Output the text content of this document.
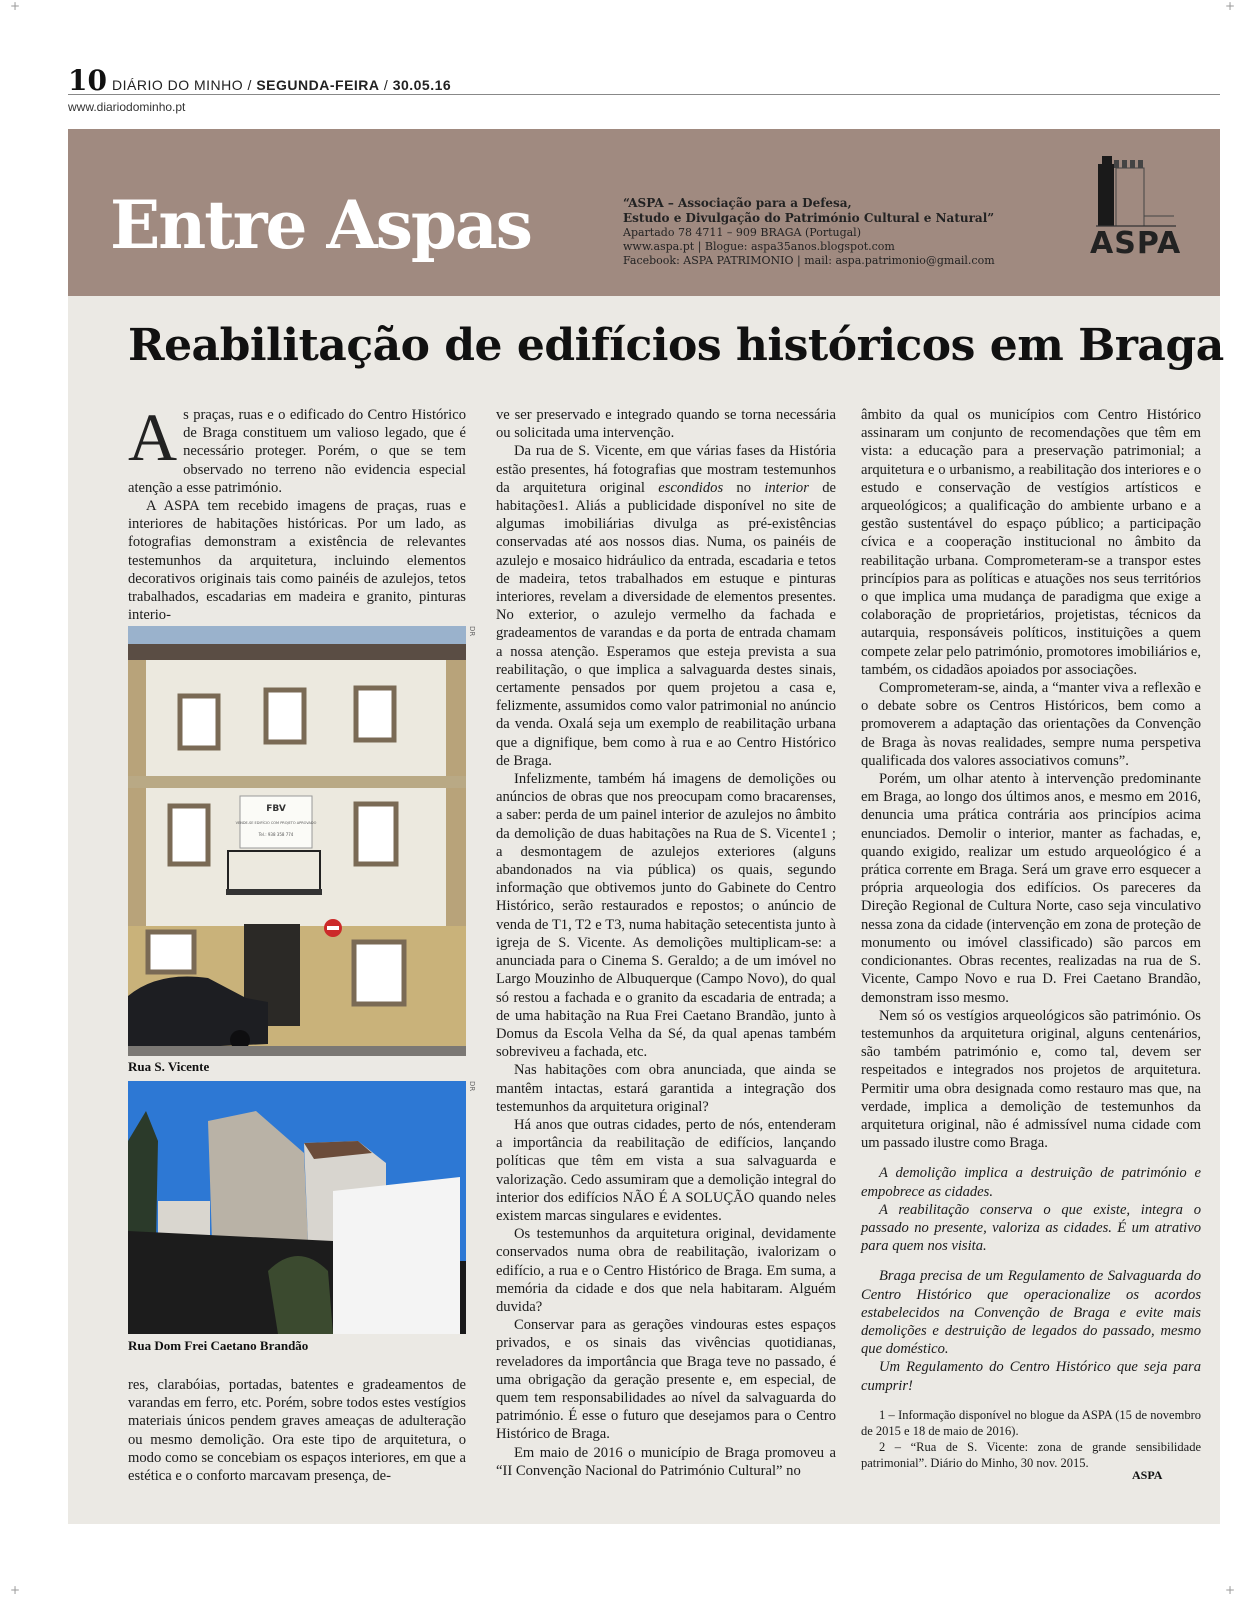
+	+
+	+
10 DIÁRIO DO MINHO / SEGUNDA-FEIRA / 30.05.16
www.diariodominho.pt
Entre Aspas	“ASPA – Associação para a Defesa,
Estudo e Divulgação do Património Cultural e Natural”
Apartado 78 4711 – 909 BRAGA (Portugal)
www.aspa.pt | Blogue: aspa35anos.blogspot.com
Facebook: ASPA PATRIMONIO | mail: aspa.patrimonio@gmail.com	ASPA
Reabilitação de edifícios históricos em Braga

As praças, ruas e o edificado do Centro Histórico de Braga constituem um valioso legado, que é necessário proteger. Porém, o que se tem observado no terreno não evidencia especial atenção a esse património.

A ASPA tem recebido imagens de praças, ruas e interiores de habitações históricas. Por um lado, as fotografias demonstram a existência de relevantes testemunhos da arquitetura, incluindo elementos decorativos originais tais como painéis de azulejos, tetos trabalhados, escadarias em madeira e granito, pinturas interio-

FBV
VENDE-SE EDIFÍCIO COM PROJETO APROVADO
Tel.: 938 358 774
DR
Rua S. Vicente
DR
Rua Dom Frei Caetano Brandão

res, clarabóias, portadas, batentes e gradeamentos de varandas em ferro, etc. Porém, sobre todos estes vestígios materiais únicos pendem graves ameaças de adulteração ou mesmo demolição. Ora este tipo de arquitetura, o modo como se concebiam os espaços interiores, em que a estética e o conforto marcavam presença, de-

ve ser preservado e integrado quando se torna necessária ou solicitada uma intervenção.

Da rua de S. Vicente, em que várias fases da História estão presentes, há fotografias que mostram testemunhos da arquitetura original escondidos no interior de habitações1. Aliás a publicidade disponível no site de algumas imobiliárias divulga as pré-existências conservadas até aos nossos dias. Numa, os painéis de azulejo e mosaico hidráulico da entrada, escadaria e tetos de madeira, tetos trabalhados em estuque e pinturas interiores, revelam a diversidade de elementos presentes. No exterior, o azulejo vermelho da fachada e gradeamentos de varandas e da porta de entrada chamam a nossa atenção. Esperamos que esteja prevista a sua reabilitação, o que implica a salvaguarda destes sinais, certamente pensados por quem projetou a casa e, felizmente, assumidos como valor patrimonial no anúncio da venda. Oxalá seja um exemplo de reabilitação urbana que a dignifique, bem como à rua e ao Centro Histórico de Braga.

Infelizmente, também há imagens de demolições ou anúncios de obras que nos preocupam como bracarenses, a saber: perda de um painel interior de azulejos no âmbito da demolição de duas habitações na Rua de S. Vicente1 ; a desmontagem de azulejos exteriores (alguns abandonados na via pública) os quais, segundo informação que obtivemos junto do Gabinete do Centro Histórico, serão restaurados e repostos; o anúncio de venda de T1, T2 e T3, numa habitação setecentista junto à igreja de S. Vicente. As demolições multiplicam-se: a anunciada para o Cinema S. Geraldo; a de um imóvel no Largo Mouzinho de Albuquerque (Campo Novo), do qual só restou a fachada e o granito da escadaria de entrada; a de uma habitação na Rua Frei Caetano Brandão, junto à Domus da Escola Velha da Sé, da qual apenas também sobreviveu a fachada, etc.

Nas habitações com obra anunciada, que ainda se mantêm intactas, estará garantida a integração dos testemunhos da arquitetura original?

Há anos que outras cidades, perto de nós, entenderam a importância da reabilitação de edifícios, lançando políticas que têm em vista a sua salvaguarda e valorização. Cedo assumiram que a demolição integral do interior dos edifícios NÃO É A SOLUÇÃO quando neles existem marcas singulares e evidentes.

Os testemunhos da arquitetura original, devidamente conservados numa obra de reabilitação, ivalorizam o edifício, a rua e o Centro Histórico de Braga. Em suma, a memória da cidade e dos que nela habitaram. Alguém duvida?

Conservar para as gerações vindouras estes espaços privados, e os sinais das vivências quotidianas, reveladores da importância que Braga teve no passado, é uma obrigação da geração presente e, em especial, de quem tem responsabilidades ao nível da salvaguarda do património. É esse o futuro que desejamos para o Centro Histórico de Braga.

Em maio de 2016 o município de Braga promoveu a “II Convenção Nacional do Património Cultural” no

âmbito da qual os municípios com Centro Histórico assinaram um conjunto de recomendações que têm em vista: a educação para a preservação patrimonial; a arquitetura e o urbanismo, a reabilitação dos interiores e o estudo e conservação de vestígios artísticos e arqueológicos; a qualificação do ambiente urbano e a gestão sustentável do espaço público; a participação cívica e a cooperação institucional no âmbito da reabilitação urbana. Comprometeram-se a transpor estes princípios para as políticas e atuações nos seus territórios o que implica uma mudança de paradigma que exige a colaboração de proprietários, projetistas, técnicos da autarquia, responsáveis políticos, instituições a quem compete zelar pelo património, promotores imobiliários e, também, os cidadãos apoiados por associações.

Comprometeram-se, ainda, a “manter viva a reflexão e o debate sobre os Centros Históricos, bem como a promoverem a adaptação das orientações da Convenção de Braga às novas realidades, sempre numa perspetiva qualificada dos valores associativos comuns”.

Porém, um olhar atento à intervenção predominante em Braga, ao longo dos últimos anos, e mesmo em 2016, denuncia uma prática contrária aos princípios acima enunciados. Demolir o interior, manter as fachadas, e, quando exigido, realizar um estudo arqueológico é a prática corrente em Braga. Será um grave erro esquecer a própria arqueologia dos edifícios. Os pareceres da Direção Regional de Cultura Norte, caso seja vinculativo nessa zona da cidade (intervenção em zona de proteção de monumento ou imóvel classificado) são parcos em condicionantes. Obras recentes, realizadas na rua de S. Vicente, Campo Novo e rua D. Frei Caetano Brandão, demonstram isso mesmo.

Nem só os vestígios arqueológicos são património. Os testemunhos da arquitetura original, alguns centenários, são também património e, como tal, devem ser respeitados e integrados nos projetos de arquitetura. Permitir uma obra designada como restauro mas que, na verdade, implica a demolição de testemunhos da arquitetura original, não é admissível numa cidade com um passado ilustre como Braga.

A demolição implica a destruição de património e empobrece as cidades.

A reabilitação conserva o que existe, integra o passado no presente, valoriza as cidades. É um atrativo para quem nos visita.

Braga precisa de um Regulamento de Salvaguarda do Centro Histórico que operacionalize os acordos estabelecidos na Convenção de Braga e evite mais demolições e destruição de legados do passado, mesmo que doméstico.

Um Regulamento do Centro Histórico que seja para cumprir!

1 – Informação disponível no blogue da ASPA (15 de novembro de 2015 e 18 de maio de 2016).

2 – “Rua de S. Vicente: zona de grande sensibilidade patrimonial”. Diário do Minho, 30 nov. 2015.

ASPA
